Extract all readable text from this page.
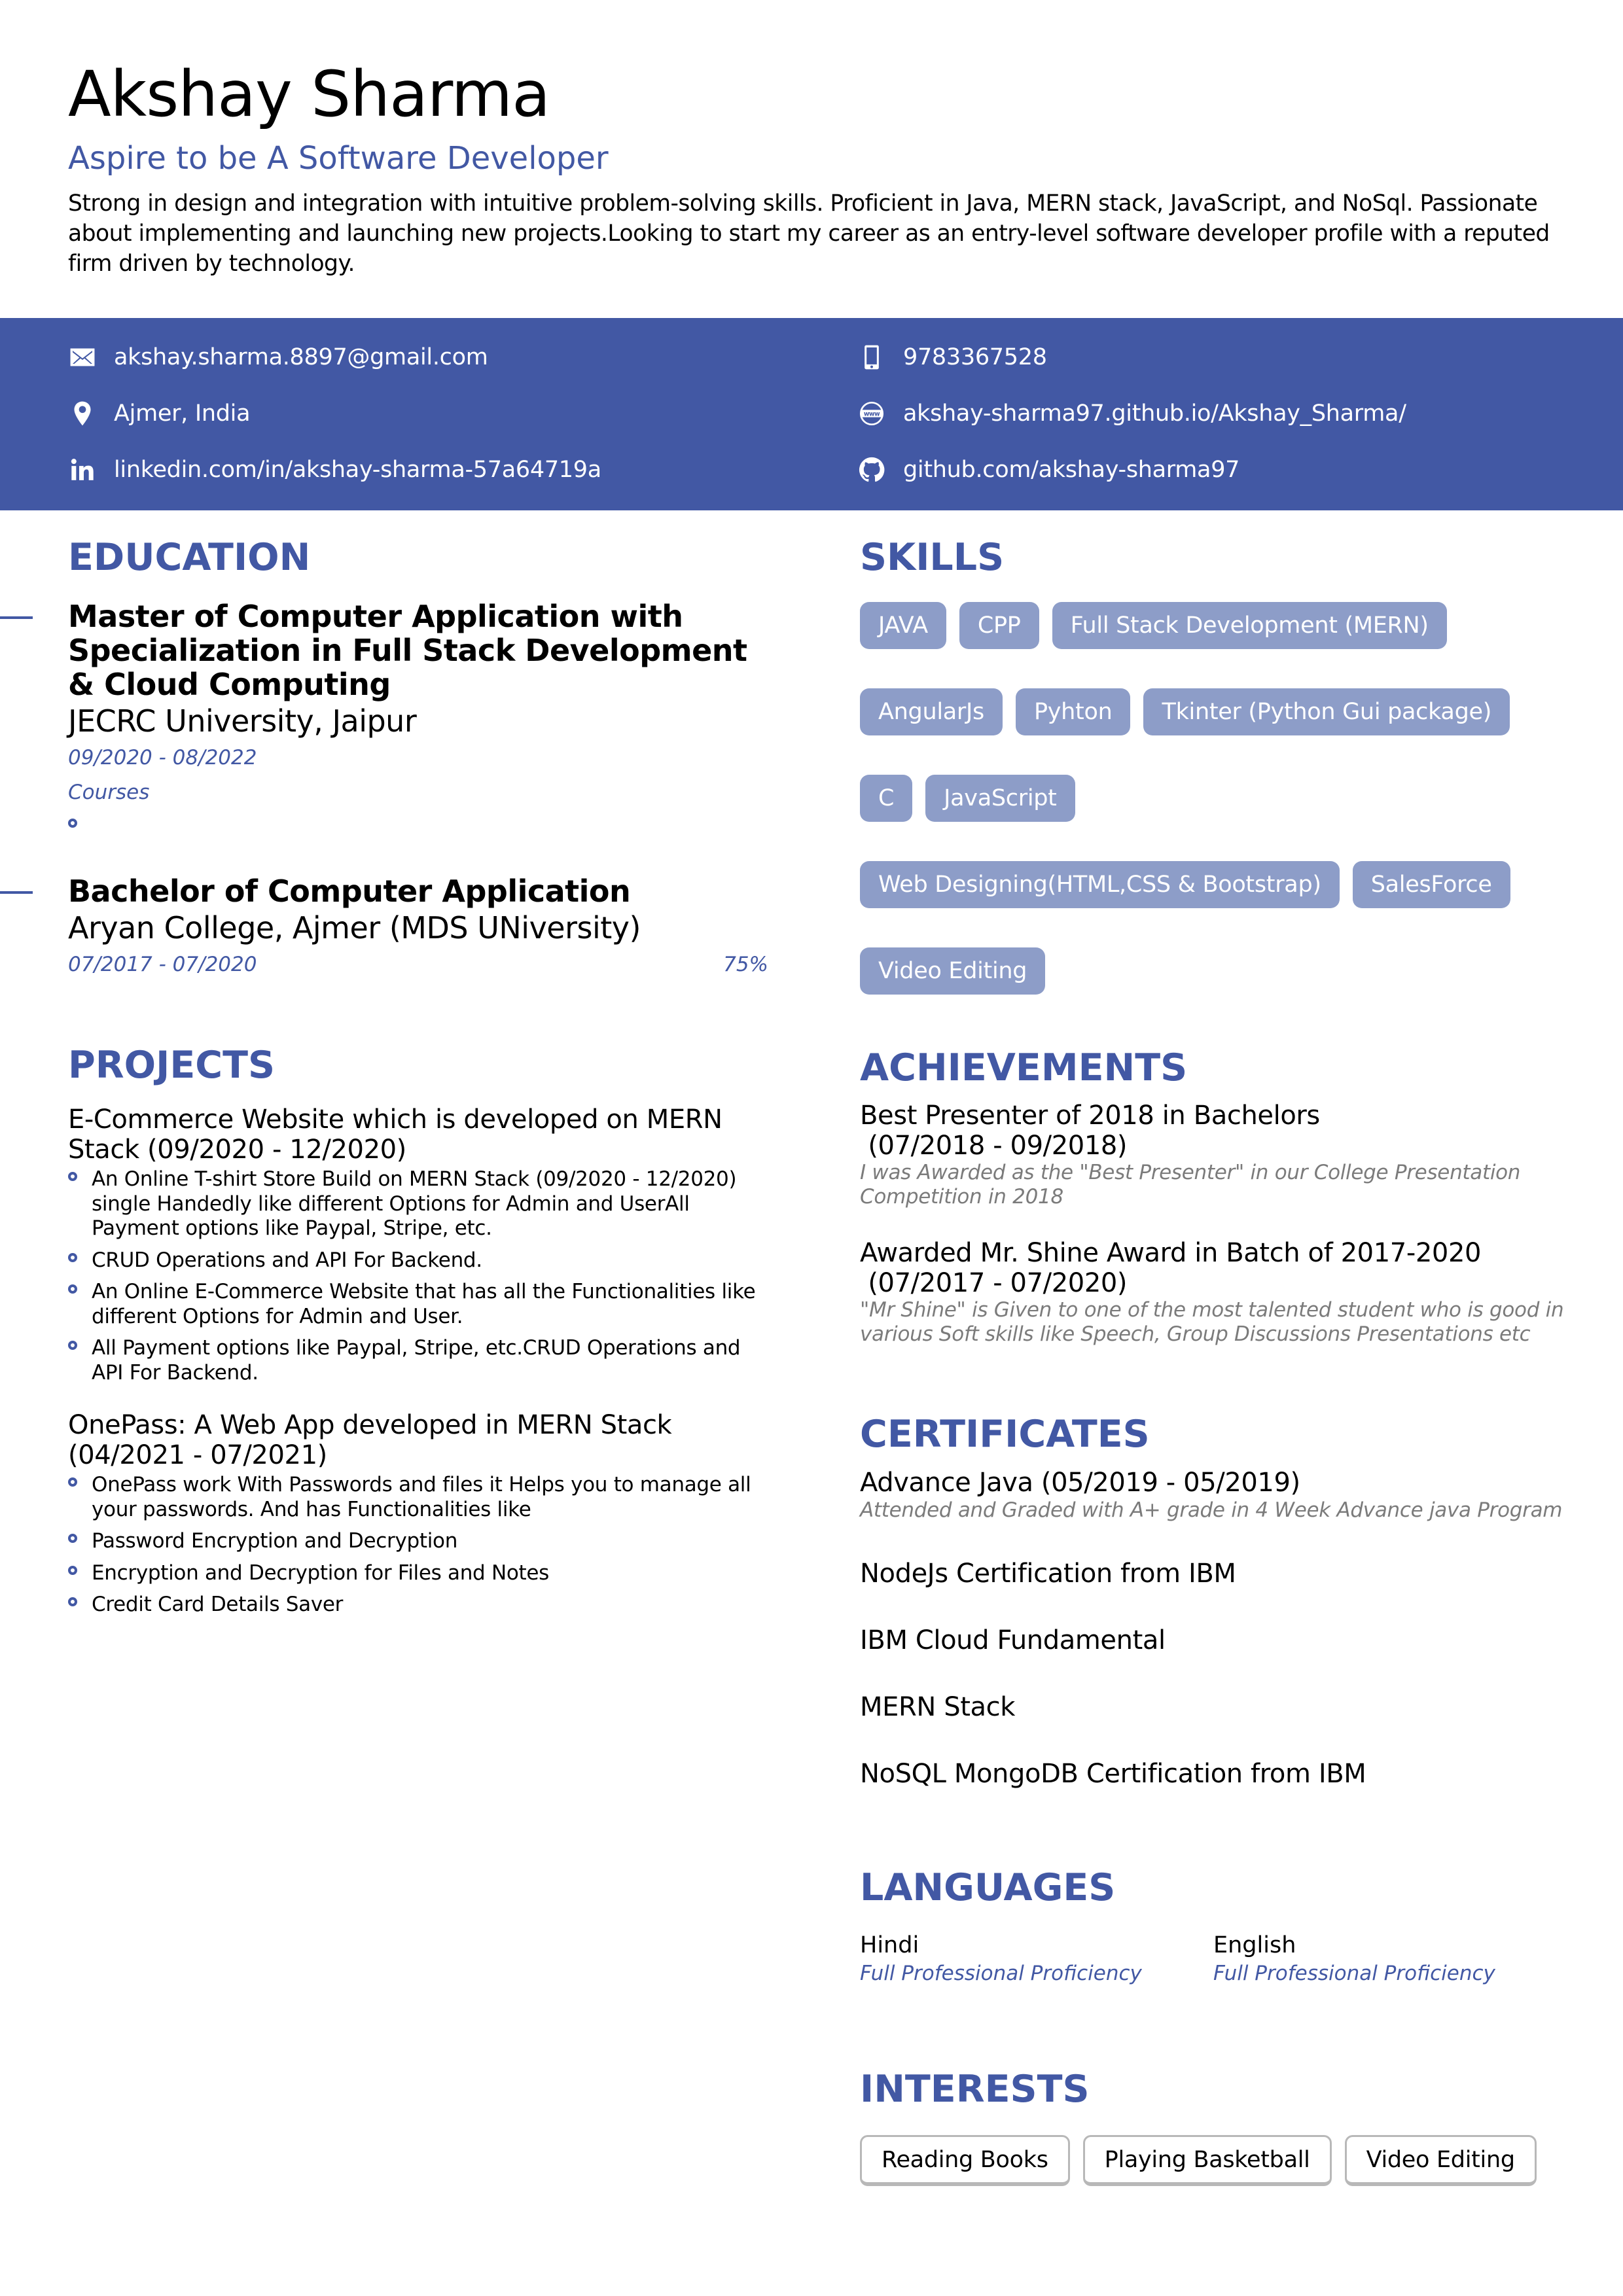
Akshay Sharma
Aspire to be A Software Developer
Strong in design and integration with intuitive problem-solving skills. Proficient in Java, MERN stack, JavaScript, and NoSql. Passionate about implementing and launching new projects.Looking to start my career as an entry-level software developer profile with a reputed firm driven by technology.
akshay.sharma.8897@gmail.com
Ajmer, India
linkedin.com/in/akshay-sharma-57a64719a
9783367528
www akshay-sharma97.github.io/Akshay_Sharma/
github.com/akshay-sharma97
EDUCATION
Master of Computer Application with Specialization in Full Stack Development & Cloud Computing
JECRC University, Jaipur
09/2020 - 08/2022
Courses
Bachelor of Computer Application
Aryan College, Ajmer (MDS UNiversity)
07/2017 - 07/2020	75%
PROJECTS
E-Commerce Website which is developed on MERN Stack (09/2020 - 12/2020)
An Online T-shirt Store Build on MERN Stack (09/2020 - 12/2020) single Handedly like different Options for Admin and UserAll Payment options like Paypal, Stripe, etc.
CRUD Operations and API For Backend.
An Online E-Commerce Website that has all the Functionalities like different Options for Admin and User.
All Payment options like Paypal, Stripe, etc.CRUD Operations and API For Backend.
OnePass: A Web App developed in MERN Stack
(04/2021 - 07/2021)
OnePass work With Passwords and files it Helps you to manage all your passwords. And has Functionalities like
Password Encryption and Decryption
Encryption and Decryption for Files and Notes
Credit Card Details Saver
SKILLS
JAVA	CPP	Full Stack Development (MERN)
AngularJs	Pyhton	Tkinter (Python Gui package)
C	JavaScript
Web Designing(HTML,CSS & Bootstrap)	SalesForce
Video Editing
ACHIEVEMENTS
Best Presenter of 2018 in Bachelors
(07/2018 - 09/2018)
I was Awarded as the "Best Presenter" in our College Presentation Competition in 2018
Awarded Mr. Shine Award in Batch of 2017-2020
(07/2017 - 07/2020)
"Mr Shine" is Given to one of the most talented student who is good in various Soft skills like Speech, Group Discussions Presentations etc
CERTIFICATES
Advance Java (05/2019 - 05/2019)
Attended and Graded with A+ grade in 4 Week Advance java Program
NodeJs Certification from IBM
IBM Cloud Fundamental
MERN Stack
NoSQL MongoDB Certification from IBM
LANGUAGES
Hindi
Full Professional Proficiency
English
Full Professional Proficiency
INTERESTS
Reading Books	Playing Basketball	Video Editing
